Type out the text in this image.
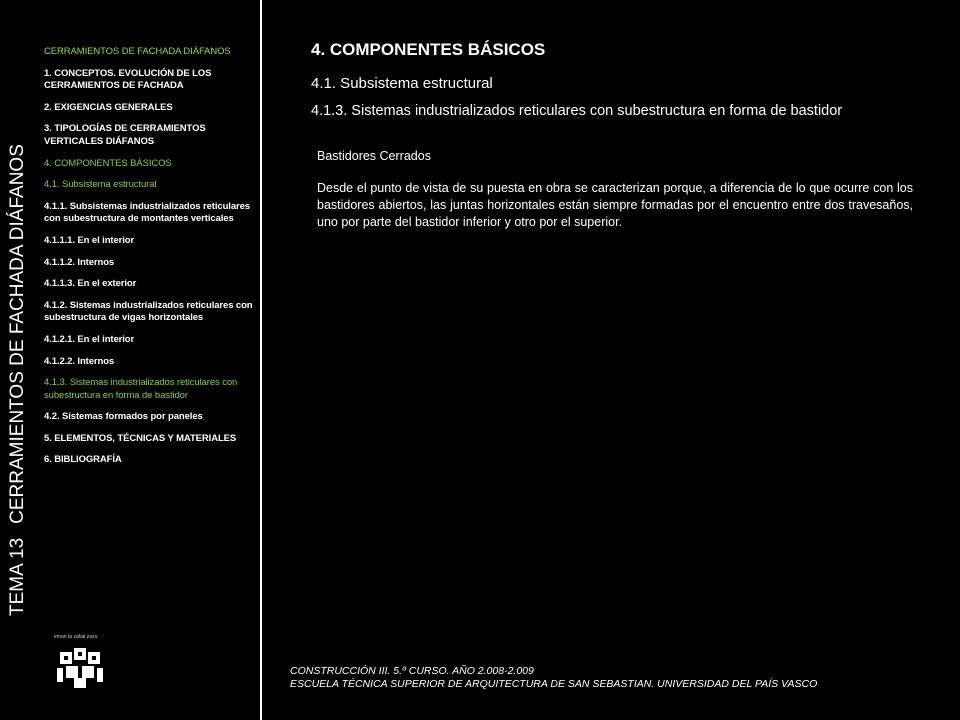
TEMA 13CERRAMIENTOS DE FACHADA DIÁFANOS
CERRAMIENTOS DE FACHADA DIÁFANOS
1. CONCEPTOS. EVOLUCIÓN DE LOS CERRAMIENTOS DE FACHADA
2. EXIGENCIAS GENERALES
3. TIPOLOGÍAS DE CERRAMIENTOS VERTICALES DIÁFANOS
4. COMPONENTES BÁSICOS
4.1. Subsistema estructural
4.1.1. Subsistemas industrializados reticulares con subestructura de montantes verticales
4.1.1.1. En el interior
4.1.1.2. Internos
4.1.1.3. En el exterior
4.1.2. Sistemas industrializados reticulares con subestructura de vigas horizontales
4.1.2.1. En el interior
4.1.2.2. Internos
4.1.3. Sistemas industrializados reticulares con subestructura en forma de bastidor
4.2. Sistemas formados por paneles
5. ELEMENTOS, TÉCNICAS Y MATERIALES
6. BIBLIOGRAFÍA
eman ta zabal zazu
4. COMPONENTES BÁSICOS
4.1. Subsistema estructural
4.1.3. Sistemas industrializados reticulares con subestructura en forma de bastidor
Bastidores Cerrados
Desde el punto de vista de su puesta en obra se caracterizan porque, a diferencia de lo que ocurre con los bastidores abiertos, las juntas horizontales están siempre formadas por el encuentro entre dos travesaños, uno por parte del bastidor inferior y otro por el superior.
CONSTRUCCIÓN III. 5.º CURSO. AÑO 2.008-2.009
ESCUELA TÉCNICA SUPERIOR DE ARQUITECTURA DE SAN SEBASTIAN. UNIVERSIDAD DEL PAÍS VASCO
